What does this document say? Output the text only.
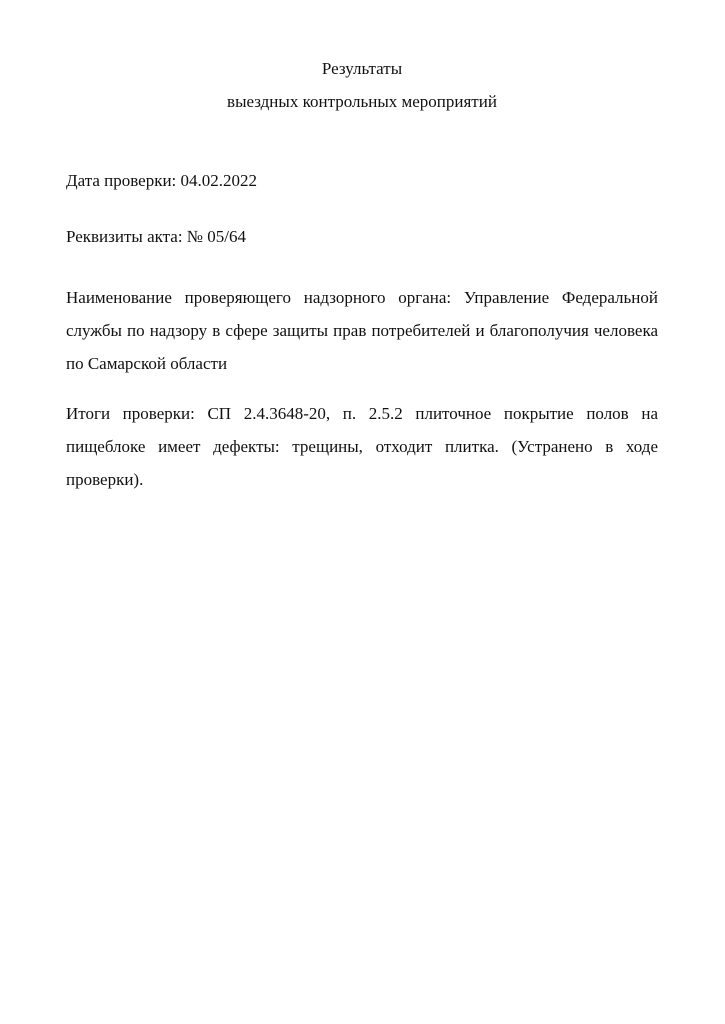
Результаты
выездных контрольных мероприятий

Дата проверки: 04.02.2022

Реквизиты акта: № 05/64

Наименование проверяющего надзорного органа: Управление Федеральной службы по надзору в сфере защиты прав потребителей и благополучия человека по Самарской области

Итоги проверки: СП 2.4.3648-20, п. 2.5.2 плиточное покрытие полов на пищеблоке имеет дефекты: трещины, отходит плитка. (Устранено в ходе проверки).
